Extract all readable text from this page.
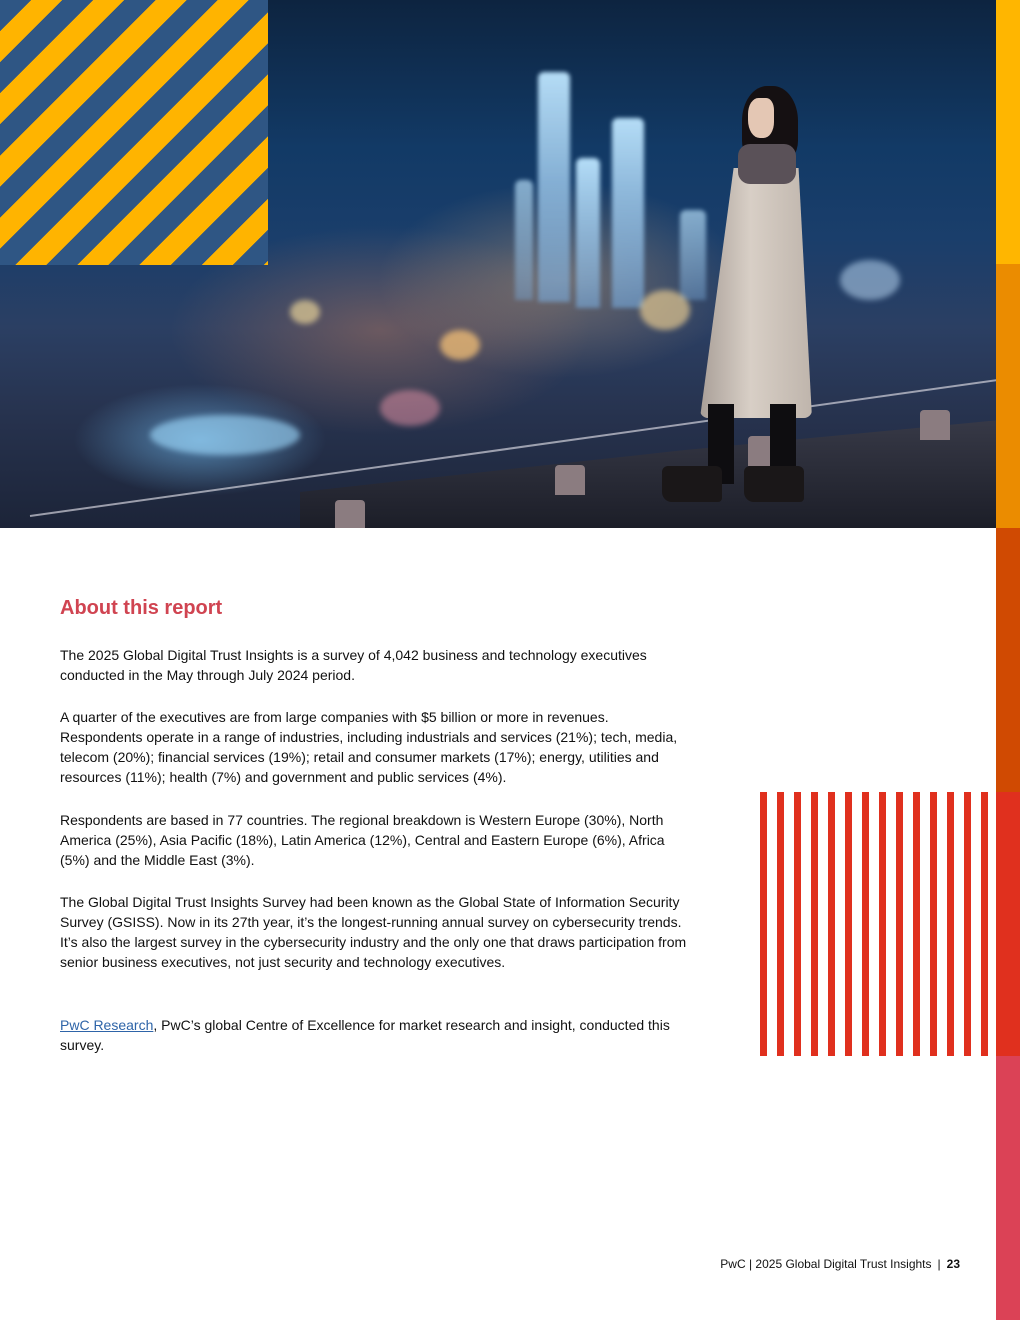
About this report

The 2025 Global Digital Trust Insights is a survey of 4,042 business and technology executives conducted in the May through July 2024 period.

A quarter of the executives are from large companies with $5 billion or more in revenues. Respondents operate in a range of industries, including industrials and services (21%); tech, media, telecom (20%); financial services (19%); retail and consumer markets (17%); energy, utilities and resources (11%); health (7%) and government and public services (4%).

Respondents are based in 77 countries. The regional breakdown is Western Europe (30%), North America (25%), Asia Pacific (18%), Latin America (12%), Central and Eastern Europe (6%), Africa (5%) and the Middle East (3%).

The Global Digital Trust Insights Survey had been known as the Global State of Information Security Survey (GSISS). Now in its 27th year, it’s the longest-running annual survey on cybersecurity trends. It’s also the largest survey in the cybersecurity industry and the only one that draws participation from senior business executives, not just security and technology executives.

PwC Research, PwC’s global Centre of Excellence for market research and insight, conducted this survey.

PwC | 2025 Global Digital Trust Insights | 23
